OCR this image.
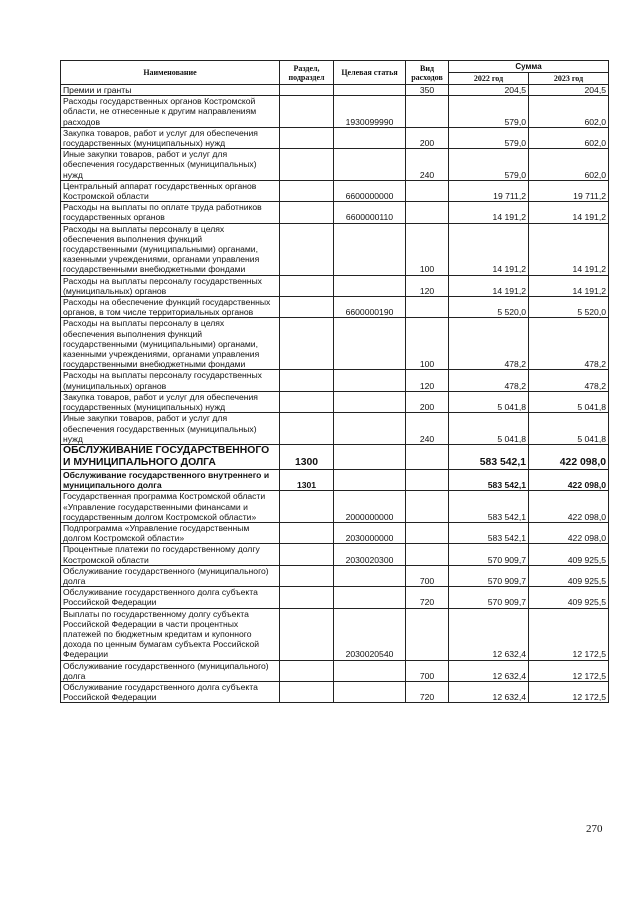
Наименование	Раздел, подраздел	Целевая статья	Вид расходов	Сумма	
				2022 год	2023 год
Премии и гранты			350	204,5	204,5
Расходы государственных органов Костромской области, не отнесенные к другим направлениям расходов		1930099990		579,0	602,0
Закупка товаров, работ и услуг для обеспечения государственных (муниципальных) нужд			200	579,0	602,0
Иные закупки товаров, работ и услуг для обеспечения государственных (муниципальных) нужд			240	579,0	602,0
Центральный аппарат государственных органов Костромской области		6600000000		19 711,2	19 711,2
Расходы на выплаты по оплате труда работников государственных органов		6600000110		14 191,2	14 191,2
Расходы на выплаты персоналу в целях обеспечения выполнения функций государственными (муниципальными) органами, казенными учреждениями, органами управления государственными внебюджетными фондами			100	14 191,2	14 191,2
Расходы на выплаты персоналу государственных (муниципальных) органов			120	14 191,2	14 191,2
Расходы на обеспечение функций государственных органов, в том числе территориальных органов		6600000190		5 520,0	5 520,0
Расходы на выплаты персоналу в целях обеспечения выполнения функций государственными (муниципальными) органами, казенными учреждениями, органами управления государственными внебюджетными фондами			100	478,2	478,2
Расходы на выплаты персоналу государственных (муниципальных) органов			120	478,2	478,2
Закупка товаров, работ и услуг для обеспечения государственных (муниципальных) нужд			200	5 041,8	5 041,8
Иные закупки товаров, работ и услуг для обеспечения государственных (муниципальных) нужд			240	5 041,8	5 041,8
ОБСЛУЖИВАНИЕ ГОСУДАРСТВЕННОГО И МУНИЦИПАЛЬНОГО ДОЛГА	1300			583 542,1	422 098,0
Обслуживание государственного внутреннего и муниципального долга	1301			583 542,1	422 098,0
Государственная программа Костромской области «Управление государственными финансами и государственным долгом Костромской области»		2000000000		583 542,1	422 098,0
Подпрограмма «Управление государственным долгом Костромской области»		2030000000		583 542,1	422 098,0
Процентные платежи по государственному долгу Костромской области		2030020300		570 909,7	409 925,5
Обслуживание государственного (муниципального) долга			700	570 909,7	409 925,5
Обслуживание государственного долга субъекта Российской Федерации			720	570 909,7	409 925,5
Выплаты по государственному долгу субъекта Российской Федерации в части процентных платежей по бюджетным кредитам и купонного дохода по ценным бумагам субъекта Российской Федерации		2030020540		12 632,4	12 172,5
Обслуживание государственного (муниципального) долга			700	12 632,4	12 172,5
Обслуживание государственного долга субъекта Российской Федерации			720	12 632,4	12 172,5
270
